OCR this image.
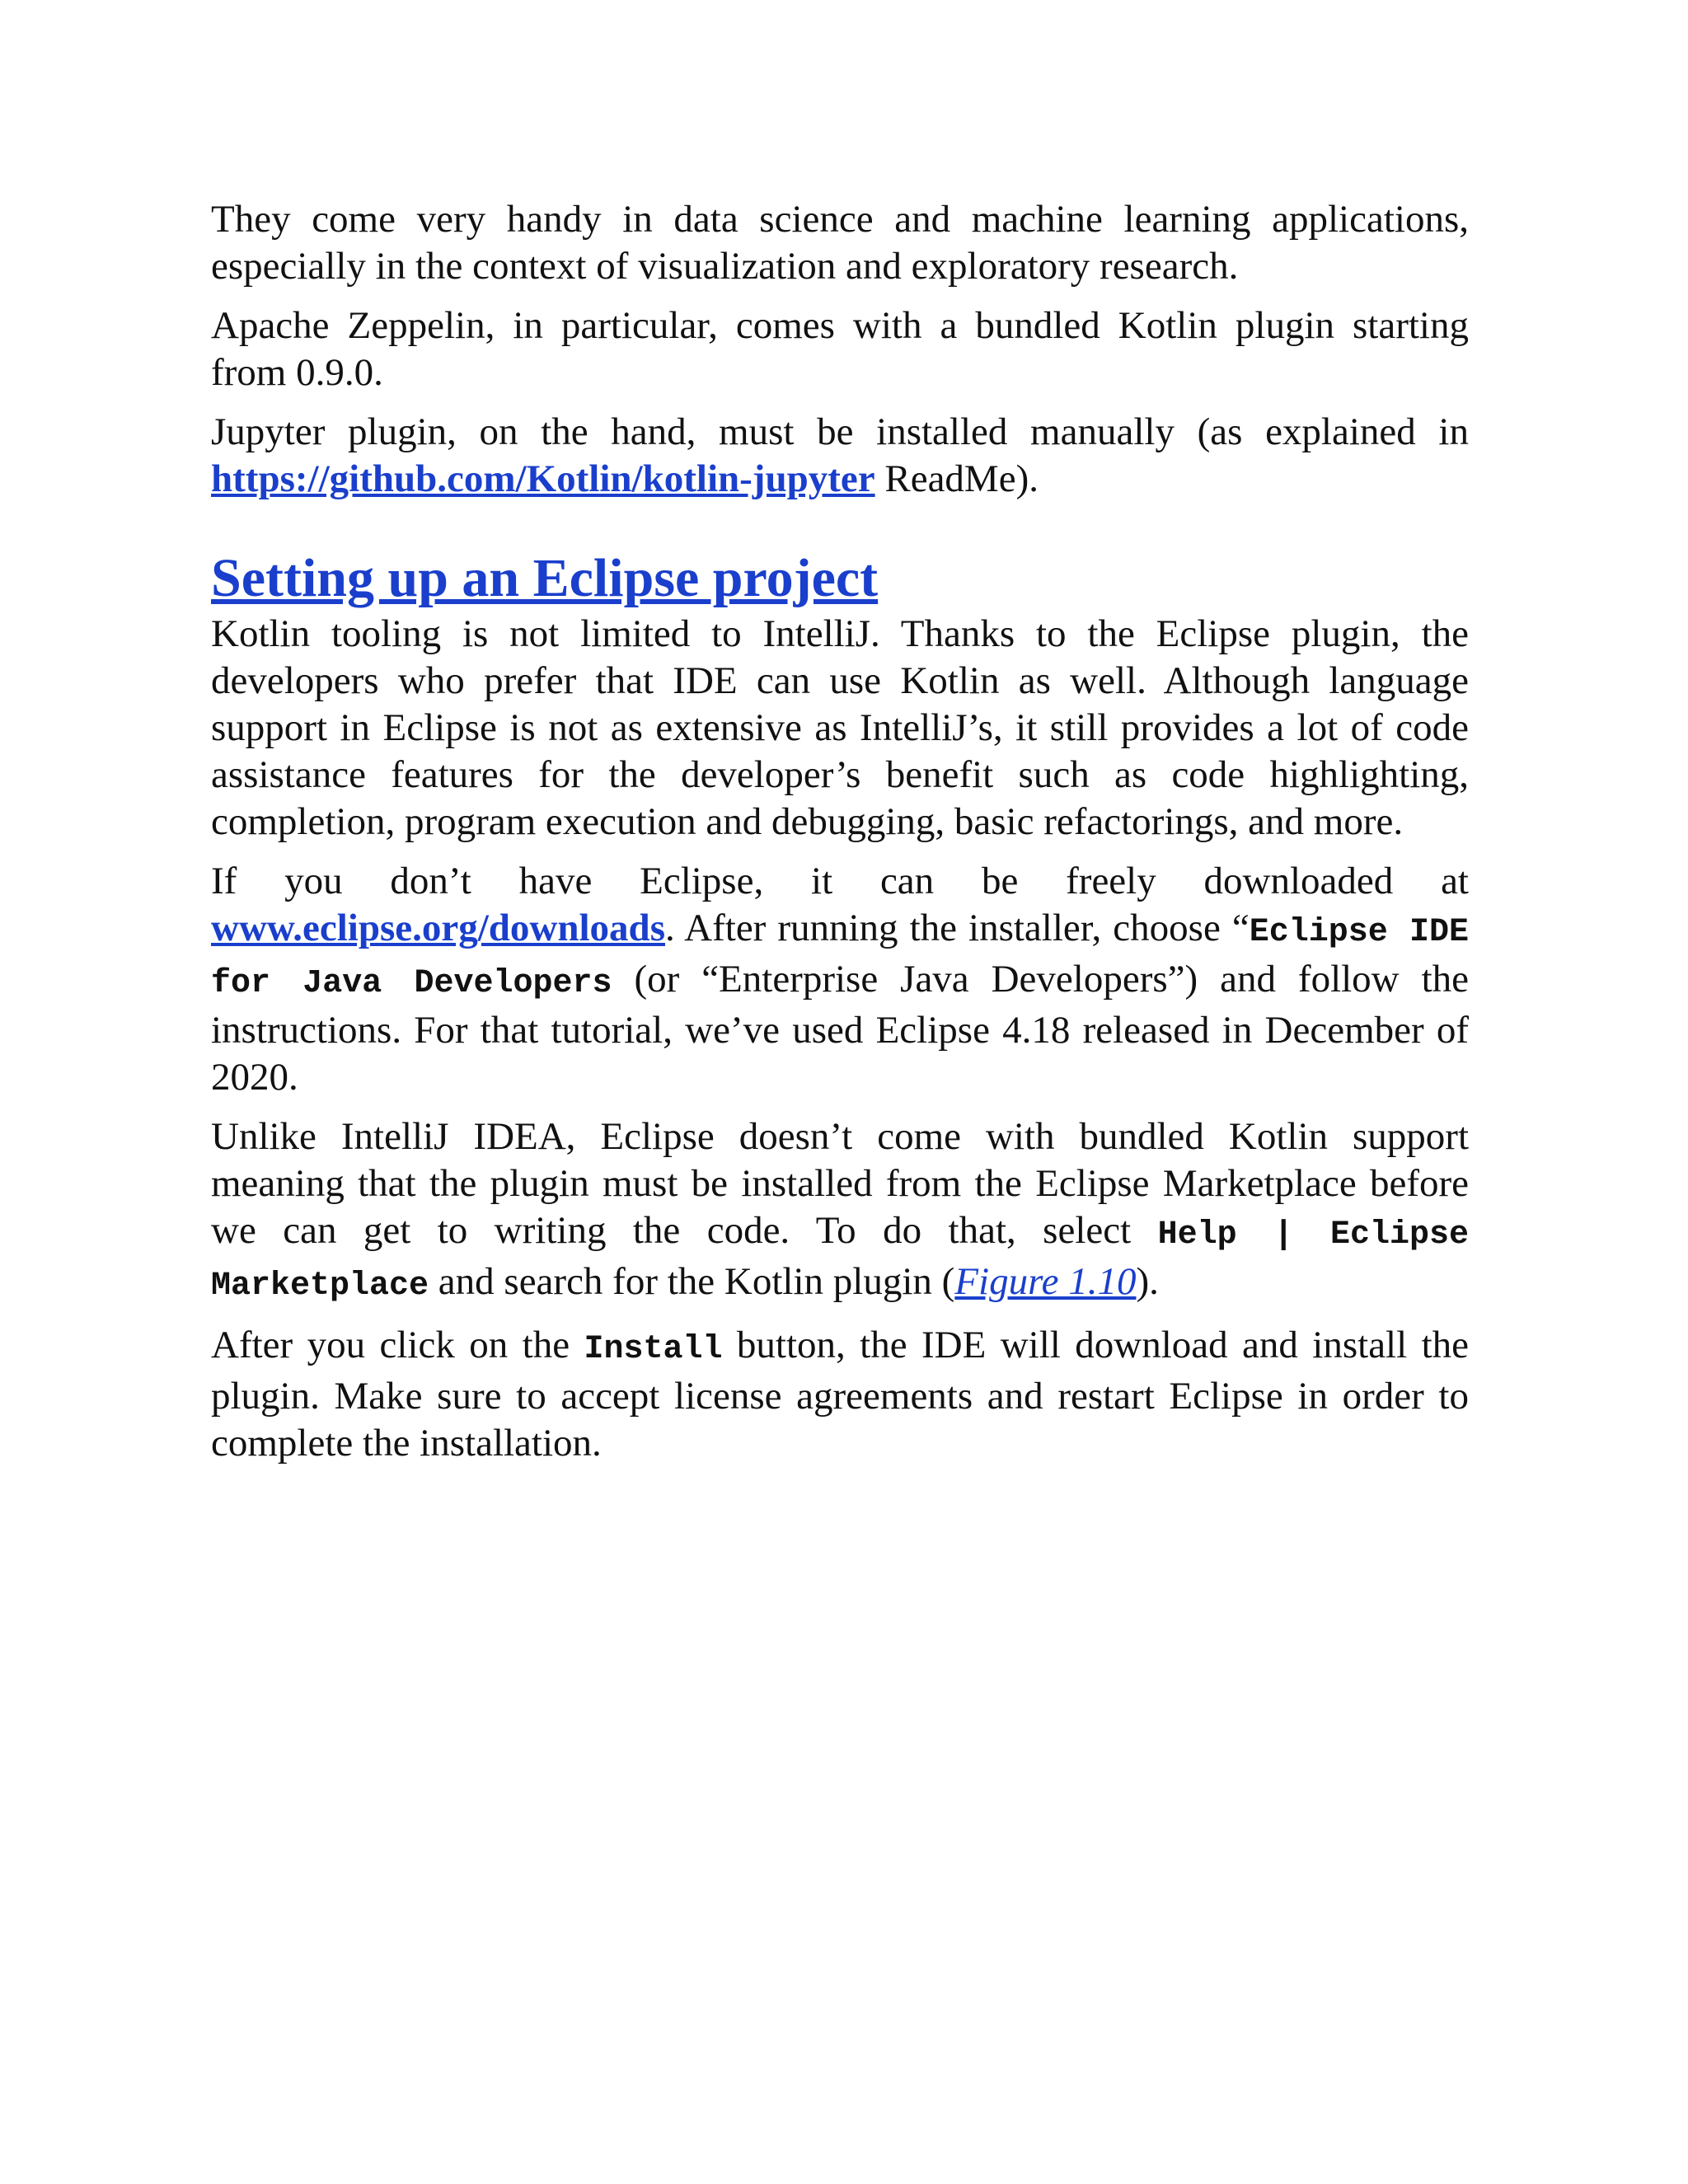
They come very handy in data science and machine learning applications, especially in the context of visualization and exploratory research.

Apache Zeppelin, in particular, comes with a bundled Kotlin plugin starting from 0.9.0.

Jupyter plugin, on the hand, must be installed manually (as explained in https://github.com/Kotlin/kotlin-jupyter ReadMe).

Setting up an Eclipse project

Kotlin tooling is not limited to IntelliJ. Thanks to the Eclipse plugin, the developers who prefer that IDE can use Kotlin as well. Although language support in Eclipse is not as extensive as IntelliJ’s, it still provides a lot of code assistance features for the developer’s benefit such as code highlighting, completion, program execution and debugging, basic refactorings, and more.

If you don’t have Eclipse, it can be freely downloaded at www.eclipse.org/downloads. After running the installer, choose “Eclipse IDE for Java Developers (or “Enterprise Java Developers”) and follow the instructions. For that tutorial, we’ve used Eclipse 4.18 released in December of 2020.

Unlike IntelliJ IDEA, Eclipse doesn’t come with bundled Kotlin support meaning that the plugin must be installed from the Eclipse Marketplace before we can get to writing the code. To do that, select Help | Eclipse Marketplace and search for the Kotlin plugin (Figure 1.10).

After you click on the Install button, the IDE will download and install the plugin. Make sure to accept license agreements and restart Eclipse in order to complete the installation.
